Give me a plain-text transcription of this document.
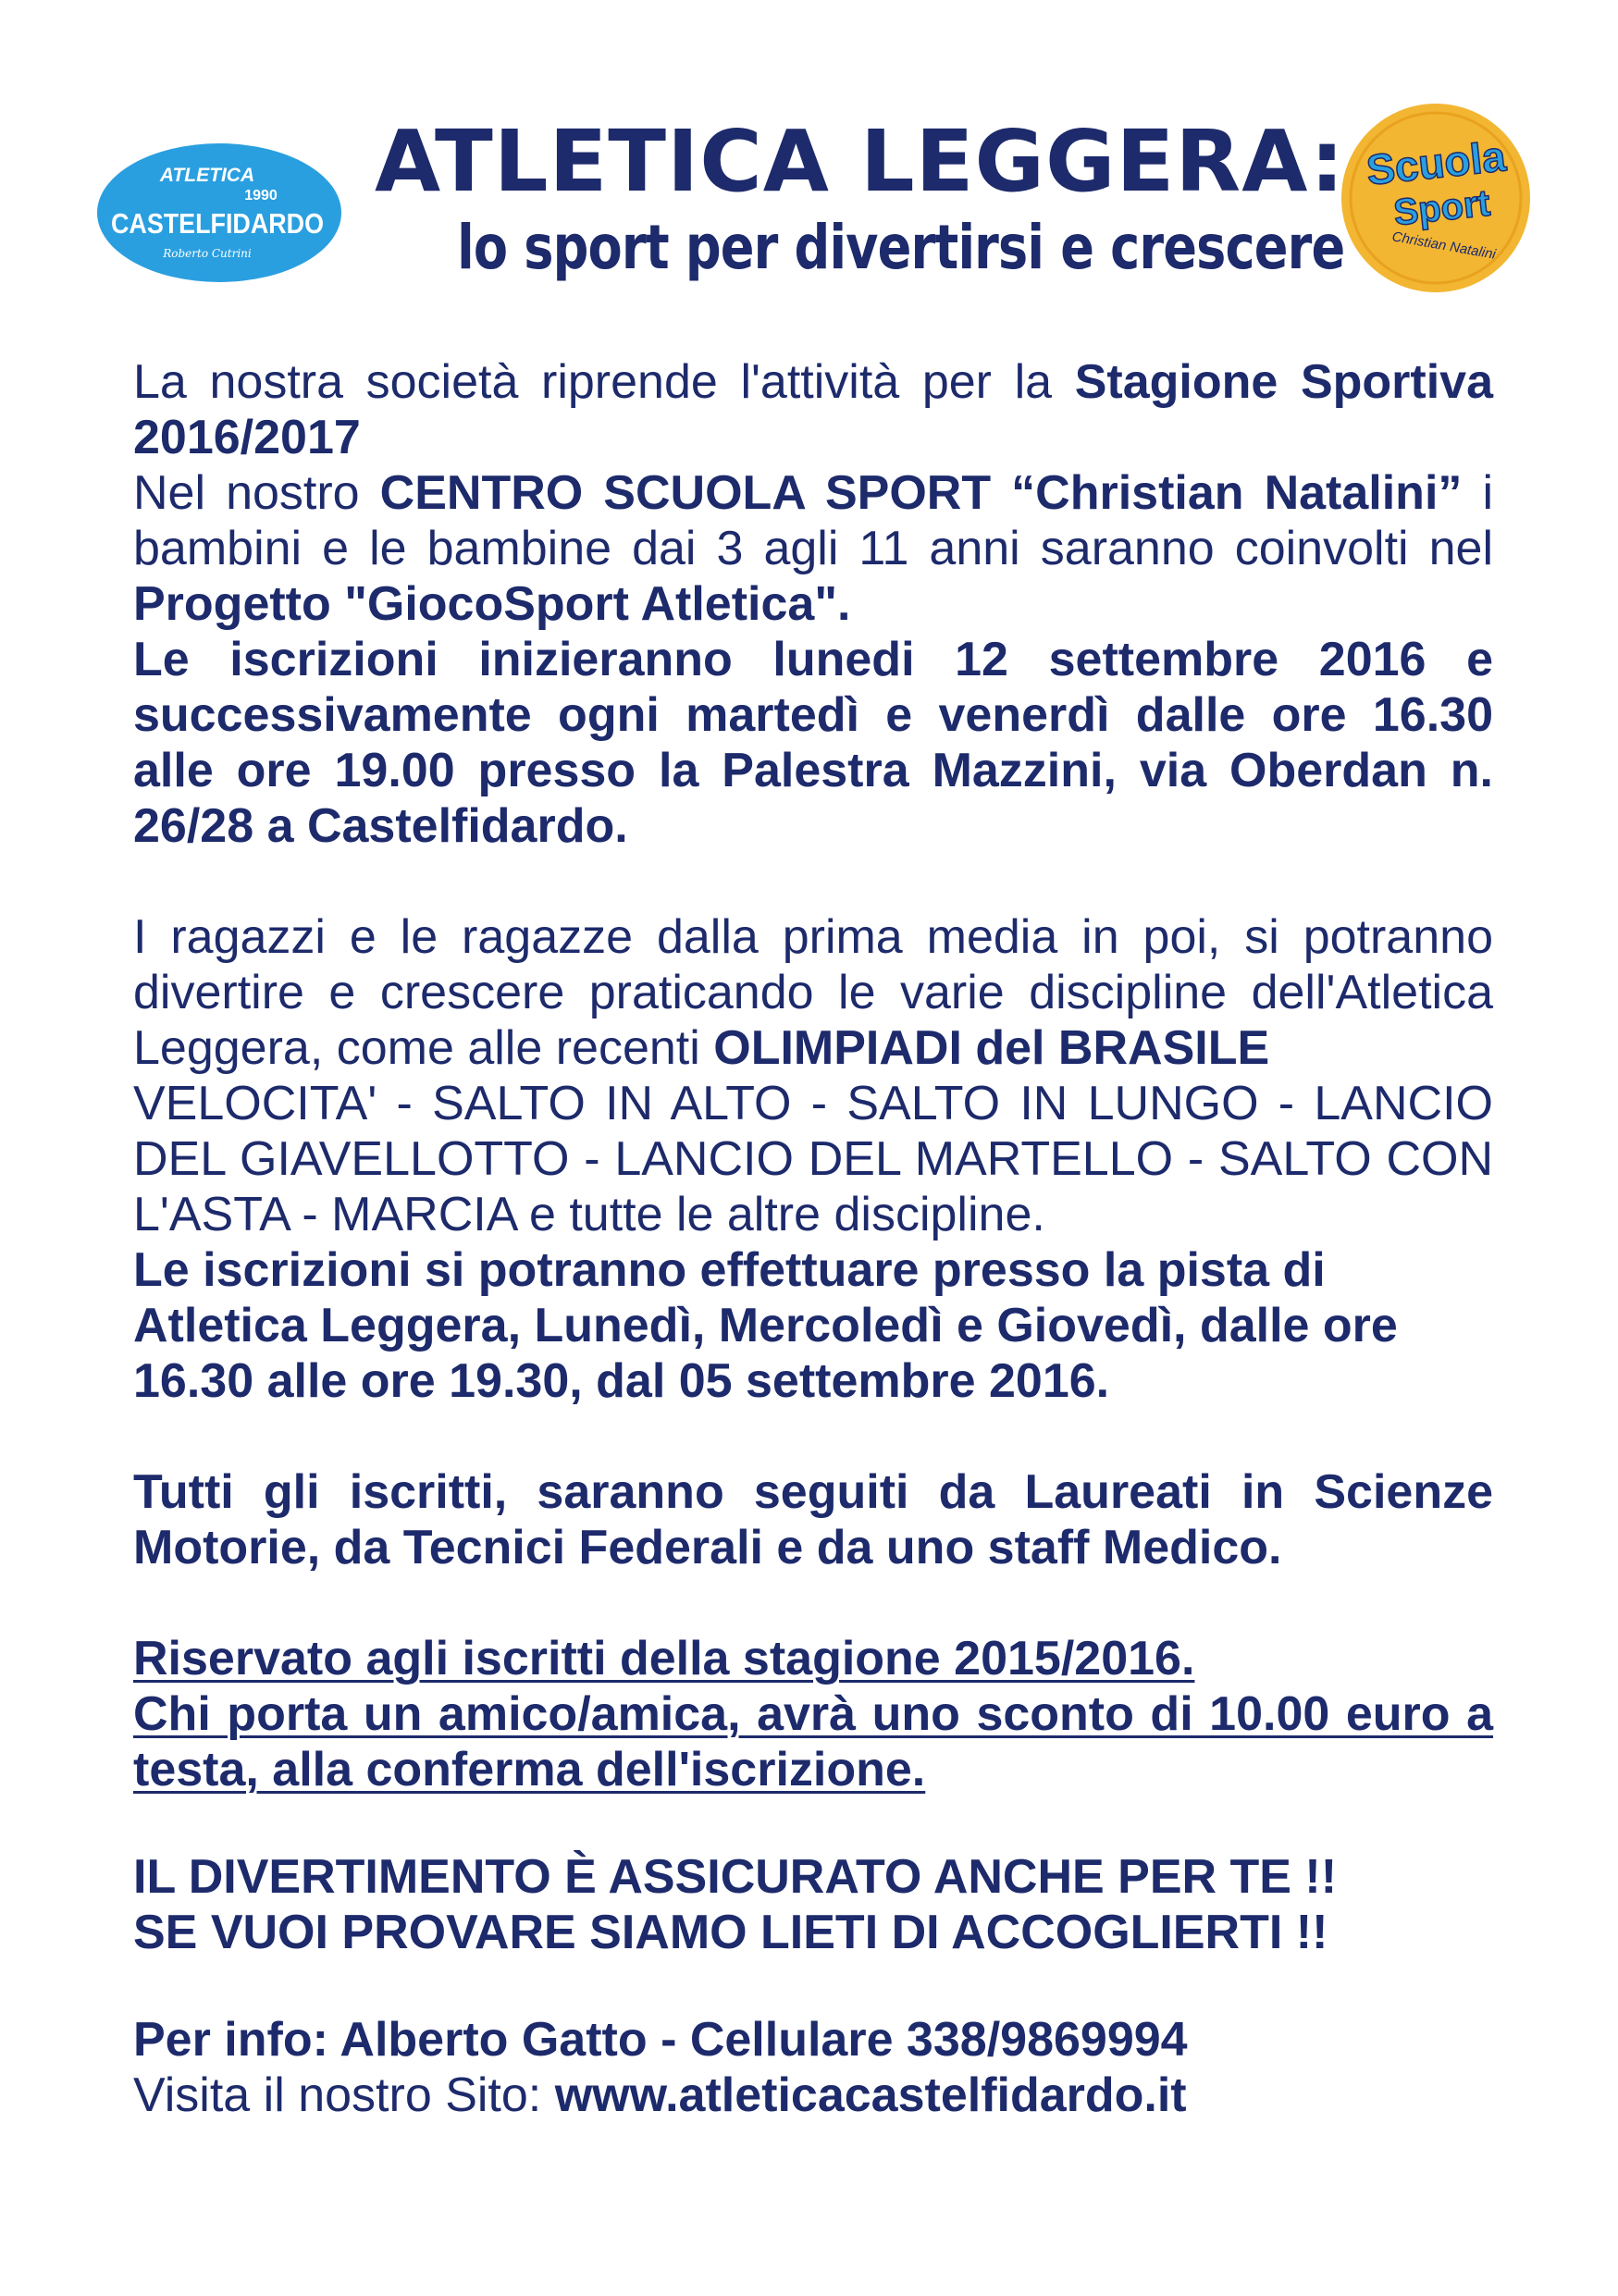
ATLETICA
1990
CASTELFIDARDO
Roberto Cutrini
ATLETICA LEGGERA:
lo sport per divertirsi e crescere
Scuola
Sport
Christian Natalini

La nostra società riprende l'attività per la Stagione Sportiva 2016/2017

Nel nostro CENTRO SCUOLA SPORT “Christian Natalini” i bambini e le bambine dai 3 agli 11 anni saranno coinvolti nel Progetto "GiocoSport Atletica".

Le iscrizioni inizieranno lunedi 12 settembre 2016 e successivamente ogni martedì e venerdì dalle ore 16.30 alle ore 19.00 presso la Palestra Mazzini, via Oberdan n. 26/28 a Castelfidardo.

I ragazzi e le ragazze dalla prima media in poi, si potranno divertire e crescere praticando le varie discipline dell'Atletica Leggera, come alle recenti OLIMPIADI del BRASILE

VELOCITA' - SALTO IN ALTO - SALTO IN LUNGO - LANCIO DEL GIAVELLOTTO - LANCIO DEL MARTELLO - SALTO CON L'ASTA - MARCIA e tutte le altre discipline.

Le iscrizioni si potranno effettuare presso la pista di Atletica Leggera, Lunedì, Mercoledì e Giovedì, dalle ore 16.30 alle ore 19.30, dal 05 settembre 2016.

Tutti gli iscritti, saranno seguiti da Laureati in Scienze Motorie, da Tecnici Federali e da uno staff Medico.

Riservato agli iscritti della stagione 2015/2016.

Chi porta un amico/amica, avrà uno sconto di 10.00 euro a testa, alla conferma dell'iscrizione.

IL DIVERTIMENTO È ASSICURATO ANCHE PER TE !!

SE VUOI PROVARE SIAMO LIETI DI ACCOGLIERTI !!

Per info: Alberto Gatto - Cellulare 338/9869994

Visita il nostro Sito: www.atleticacastelfidardo.it
